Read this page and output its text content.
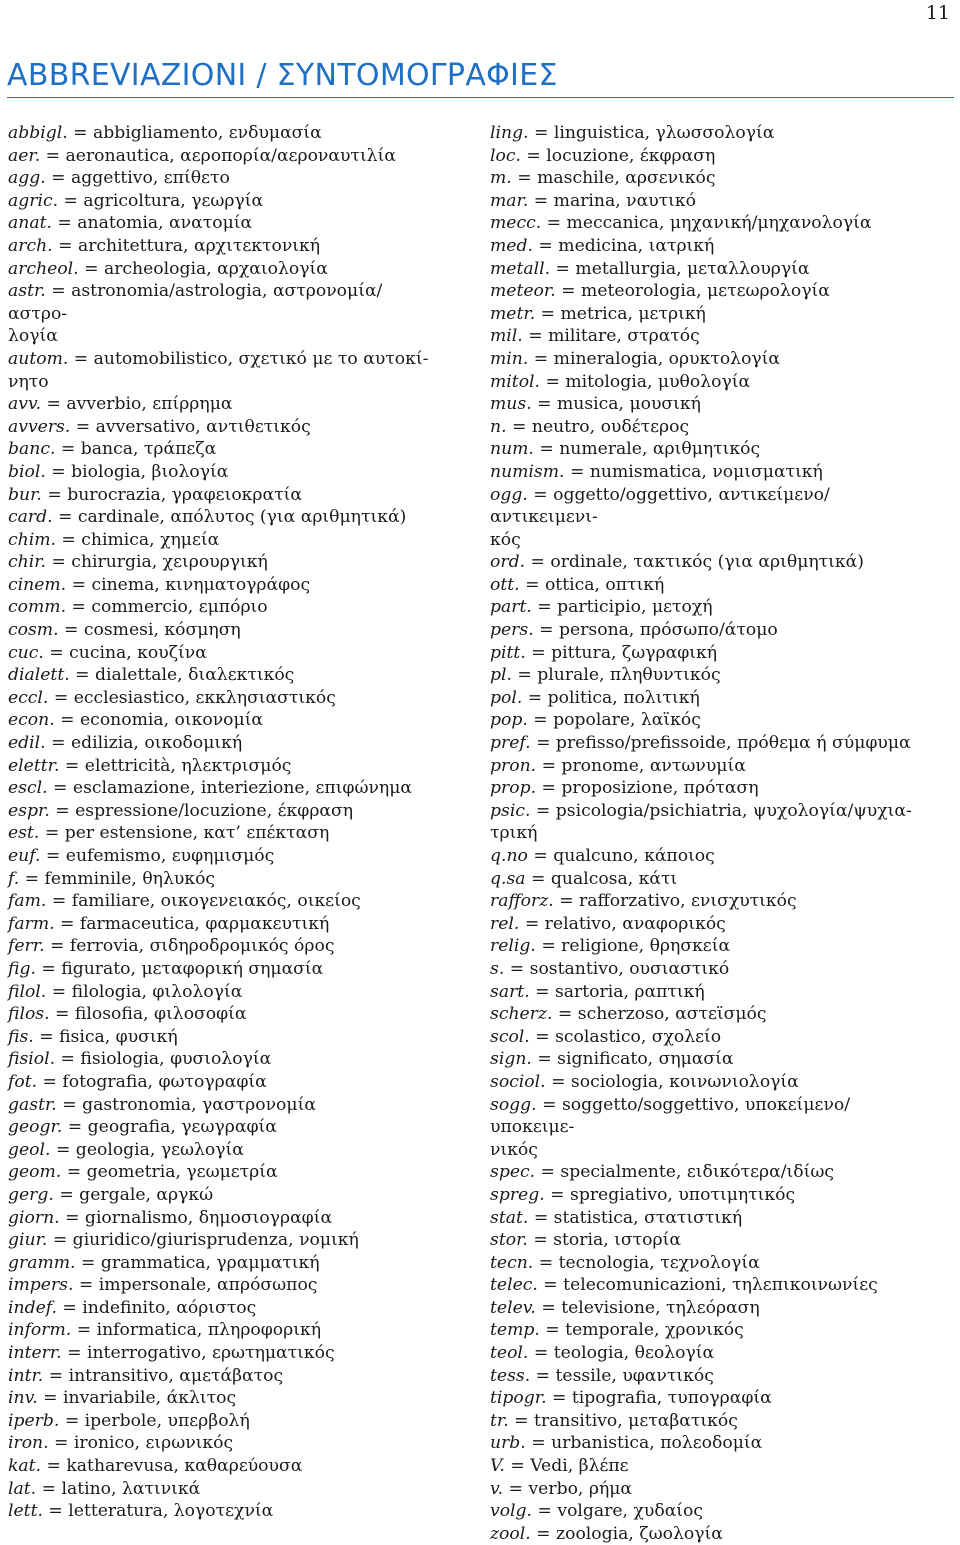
11
ABBREVIAZIONI / ΣΥΝΤΟΜΟΓΡΑΦΙΕΣ

abbigl. = abbigliamento, ενδυμασία

aer. = aeronautica, αεροπορία/αεροναυτιλία

agg. = aggettivo, επίθετο

agric. = agricoltura, γεωργία

anat. = anatomia, ανατομία

arch. = architettura, αρχιτεκτονική

archeol. = archeologia, αρχαιολογία

astr. = astronomia/astrologia, αστρονομία/αστρο-
λογία

autom. = automobilistico, σχετικό με το αυτοκί-
νητο

avv. = avverbio, επίρρημα

avvers. = avversativo, αντιθετικός

banc. = banca, τράπεζα

biol. = biologia, βιολογία

bur. = burocrazia, γραφειοκρατία

card. = cardinale, απόλυτος (για αριθμητικά)

chim. = chimica, χημεία

chir. = chirurgia, χειρουργική

cinem. = cinema, κινηματογράφος

comm. = commercio, εμπόριο

cosm. = cosmesi, κόσμηση

cuc. = cucina, κουζίνα

dialett. = dialettale, διαλεκτικός

eccl. = ecclesiastico, εκκλησιαστικός

econ. = economia, οικονομία

edil. = edilizia, οικοδομική

elettr. = elettricità, ηλεκτρισμός

escl. = esclamazione, interiezione, επιφώνημα

espr. = espressione/locuzione, έκφραση

est. = per estensione, κατ’ επέκταση

euf. = eufemismo, ευφημισμός

f. = femminile, θηλυκός

fam. = familiare, οικογενειακός, οικείος

farm. = farmaceutica, φαρμακευτική

ferr. = ferrovia, σιδηροδρομικός όρος

fig. = figurato, μεταφορική σημασία

filol. = filologia, φιλολογία

filos. = filosofia, φιλοσοφία

fis. = fisica, φυσική

fisiol. = fisiologia, φυσιολογία

fot. = fotografia, φωτογραφία

gastr. = gastronomia, γαστρονομία

geogr. = geografia, γεωγραφία

geol. = geologia, γεωλογία

geom. = geometria, γεωμετρία

gerg. = gergale, αργκώ

giorn. = giornalismo, δημοσιογραφία

giur. = giuridico/giurisprudenza, νομική

gramm. = grammatica, γραμματική

impers. = impersonale, απρόσωπος

indef. = indefinito, αόριστος

inform. = informatica, πληροφορική

interr. = interrogativo, ερωτηματικός

intr. = intransitivo, αμετάβατος

inv. = invariabile, άκλιτος

iperb. = iperbole, υπερβολή

iron. = ironico, ειρωνικός

kat. = katharevusa, καθαρεύουσα

lat. = latino, λατινικά

lett. = letteratura, λογοτεχνία

ling. = linguistica, γλωσσολογία

loc. = locuzione, έκφραση

m. = maschile, αρσενικός

mar. = marina, ναυτικό

mecc. = meccanica, μηχανική/μηχανολογία

med. = medicina, ιατρική

metall. = metallurgia, μεταλλουργία

meteor. = meteorologia, μετεωρολογία

metr. = metrica, μετρική

mil. = militare, στρατός

min. = mineralogia, ορυκτολογία

mitol. = mitologia, μυθολογία

mus. = musica, μουσική

n. = neutro, ουδέτερος

num. = numerale, αριθμητικός

numism. = numismatica, νομισματική

ogg. = oggetto/oggettivo, αντικείμενο/αντικειμενι-
κός

ord. = ordinale, τακτικός (για αριθμητικά)

ott. = ottica, οπτική

part. = participio, μετοχή

pers. = persona, πρόσωπο/άτομο

pitt. = pittura, ζωγραφική

pl. = plurale, πληθυντικός

pol. = politica, πολιτική

pop. = popolare, λαϊκός

pref. = prefisso/prefissoide, πρόθεμα ή σύμφυμα

pron. = pronome, αντωνυμία

prop. = proposizione, πρόταση

psic. = psicologia/psichiatria, ψυχολογία/ψυχια-
τρική

q.no = qualcuno, κάποιος

q.sa = qualcosa, κάτι

rafforz. = rafforzativo, ενισχυτικός

rel. = relativo, αναφορικός

relig. = religione, θρησκεία

s. = sostantivo, ουσιαστικό

sart. = sartoria, ραπτική

scherz. = scherzoso, αστεϊσμός

scol. = scolastico, σχολείο

sign. = significato, σημασία

sociol. = sociologia, κοινωνιολογία

sogg. = soggetto/soggettivo, υποκείμενο/υποκειμε-
νικός

spec. = specialmente, ειδικότερα/ιδίως

spreg. = spregiativo, υποτιμητικός

stat. = statistica, στατιστική

stor. = storia, ιστορία

tecn. = tecnologia, τεχνολογία

telec. = telecomunicazioni, τηλεπικοινωνίες

telev. = televisione, τηλεόραση

temp. = temporale, χρονικός

teol. = teologia, θεολογία

tess. = tessile, υφαντικός

tipogr. = tipografia, τυπογραφία

tr. = transitivo, μεταβατικός

urb. = urbanistica, πολεοδομία

V. = Vedi, βλέπε

v. = verbo, ρήμα

volg. = volgare, χυδαίος

zool. = zoologia, ζωολογία
